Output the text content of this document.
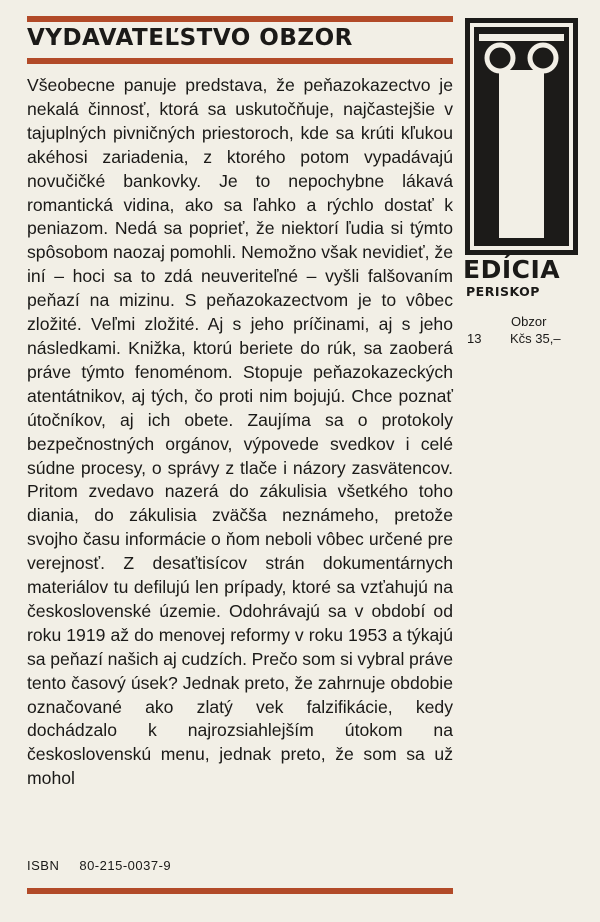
VYDAVATEĽSTVO OBZOR
Všeobecne panuje predstava, že peňazokazectvo je nekalá činnosť, ktorá sa uskutočňuje, najčastejšie v tajuplných pivničných priestoroch, kde sa krúti kľukou akéhosi zariadenia, z ktorého potom vypadávajú novučičké bankovky. Je to nepochybne lákavá romantická vidina, ako sa ľahko a rýchlo dostať k peniazom. Nedá sa poprieť, že niektorí ľudia si týmto spôsobom naozaj pomohli. Nemožno však nevidieť, že iní – hoci sa to zdá neuveriteľné – vyšli falšovaním peňazí na mizinu. S peňazokazectvom je to vôbec zložité. Veľmi zložité. Aj s jeho príčinami, aj s jeho následkami. Knižka, ktorú beriete do rúk, sa zaoberá práve týmto fenoménom. Stopuje peňazokazeckých atentátnikov, aj tých, čo proti nim bojujú. Chce poznať útočníkov, aj ich obete. Zaujíma sa o protokoly bezpečnostných orgánov, výpovede svedkov i celé súdne procesy, o správy z tlače i názory zasvätencov. Pritom zvedavo nazerá do zákulisia všetkého toho diania, do zákulisia zväčša neznámeho, pretože svojho času informácie o ňom neboli vôbec určené pre verejnosť. Z desaťtisícov strán dokumentárnych materiálov tu defilujú len prípady, ktoré sa vzťahujú na československé územie. Odohrávajú sa v období od roku 1919 až do menovej reformy v roku 1953 a týkajú sa peňazí našich aj cudzích. Prečo som si vybral práve tento časový úsek? Jednak preto, že zahrnuje obdobie označované ako zlatý vek falzifikácie, kedy dochádzalo k najrozsiahlejším útokom na československú menu, jednak preto, že som sa už mohol
ISBN 80-215-0037-9
EDÍCIA
PERISKOP
Obzor
13 Kčs 35,–
